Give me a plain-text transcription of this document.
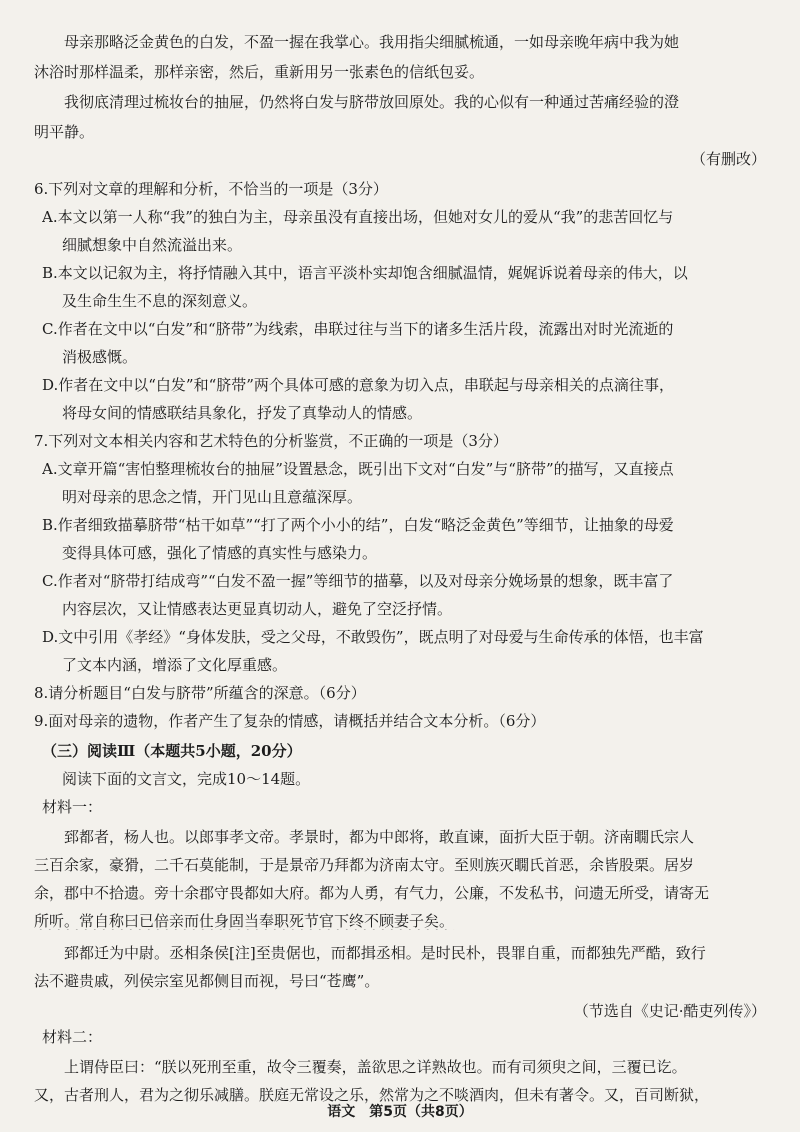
母亲那略泛金黄色的白发，不盈一握在我掌心。我用指尖细腻梳通，一如母亲晚年病中我为她
沐浴时那样温柔，那样亲密，然后，重新用另一张素色的信纸包妥。
我彻底清理过梳妆台的抽屉，仍然将白发与脐带放回原处。我的心似有一种通过苦痛经验的澄
明平静。
（有删改）
6.下列对文章的理解和分析，不恰当的一项是（3分）
A.本文以第一人称“我”的独白为主，母亲虽没有直接出场，但她对女儿的爱从“我”的悲苦回忆与
细腻想象中自然流溢出来。
B.本文以记叙为主，将抒情融入其中，语言平淡朴实却饱含细腻温情，娓娓诉说着母亲的伟大，以
及生命生生不息的深刻意义。
C.作者在文中以“白发”和“脐带”为线索，串联过往与当下的诸多生活片段，流露出对时光流逝的
消极感慨。
D.作者在文中以“白发”和“脐带”两个具体可感的意象为切入点，串联起与母亲相关的点滴往事，
将母女间的情感联结具象化，抒发了真挚动人的情感。
7.下列对文本相关内容和艺术特色的分析鉴赏，不正确的一项是（3分）
A.文章开篇“害怕整理梳妆台的抽屉”设置悬念，既引出下文对“白发”与“脐带”的描写，又直接点
明对母亲的思念之情，开门见山且意蕴深厚。
B.作者细致描摹脐带“枯干如草”“打了两个小小的结”，白发“略泛金黄色”等细节，让抽象的母爱
变得具体可感，强化了情感的真实性与感染力。
C.作者对“脐带打结成弯”“白发不盈一握”等细节的描摹，以及对母亲分娩场景的想象，既丰富了
内容层次，又让情感表达更显真切动人，避免了空泛抒情。
D.文中引用《孝经》“身体发肤，受之父母，不敢毁伤”，既点明了对母爱与生命传承的体悟，也丰富
了文本内涵，增添了文化厚重感。
8.请分析题目“白发与脐带”所蕴含的深意。（6分）
9.面对母亲的遗物，作者产生了复杂的情感，请概括并结合文本分析。（6分）
（三）阅读Ⅲ（本题共5小题，20分）
阅读下面的文言文，完成10～14题。
材料一：
郅都者，杨人也。以郎事孝文帝。孝景时，都为中郎将，敢直谏，面折大臣于朝。济南瞯氏宗人
三百余家，豪猾，二千石莫能制，于是景帝乃拜都为济南太守。至则族灭瞯氏首恶，余皆股栗。居岁
余，郡中不拾遗。旁十余郡守畏都如大府。都为人勇，有气力，公廉，不发私书，问遗无所受，请寄无
所听。常自称曰已倍亲而仕身固当奉职死节官下终不顾妻子矣。
郅都迁为中尉。丞相条侯[注]至贵倨也，而都揖丞相。是时民朴，畏罪自重，而都独先严酷，致行
法不避贵戚，列侯宗室见都侧目而视，号曰“苍鹰”。
（节选自《史记·酷吏列传》）
材料二：
上谓侍臣曰：“朕以死刑至重，故令三覆奏，盖欲思之详熟故也。而有司须臾之间，三覆已讫。
又，古者刑人，君为之彻乐减膳。朕庭无常设之乐，然常为之不啖酒肉，但未有著令。又，百司断狱，
语文　第5页（共8页）
